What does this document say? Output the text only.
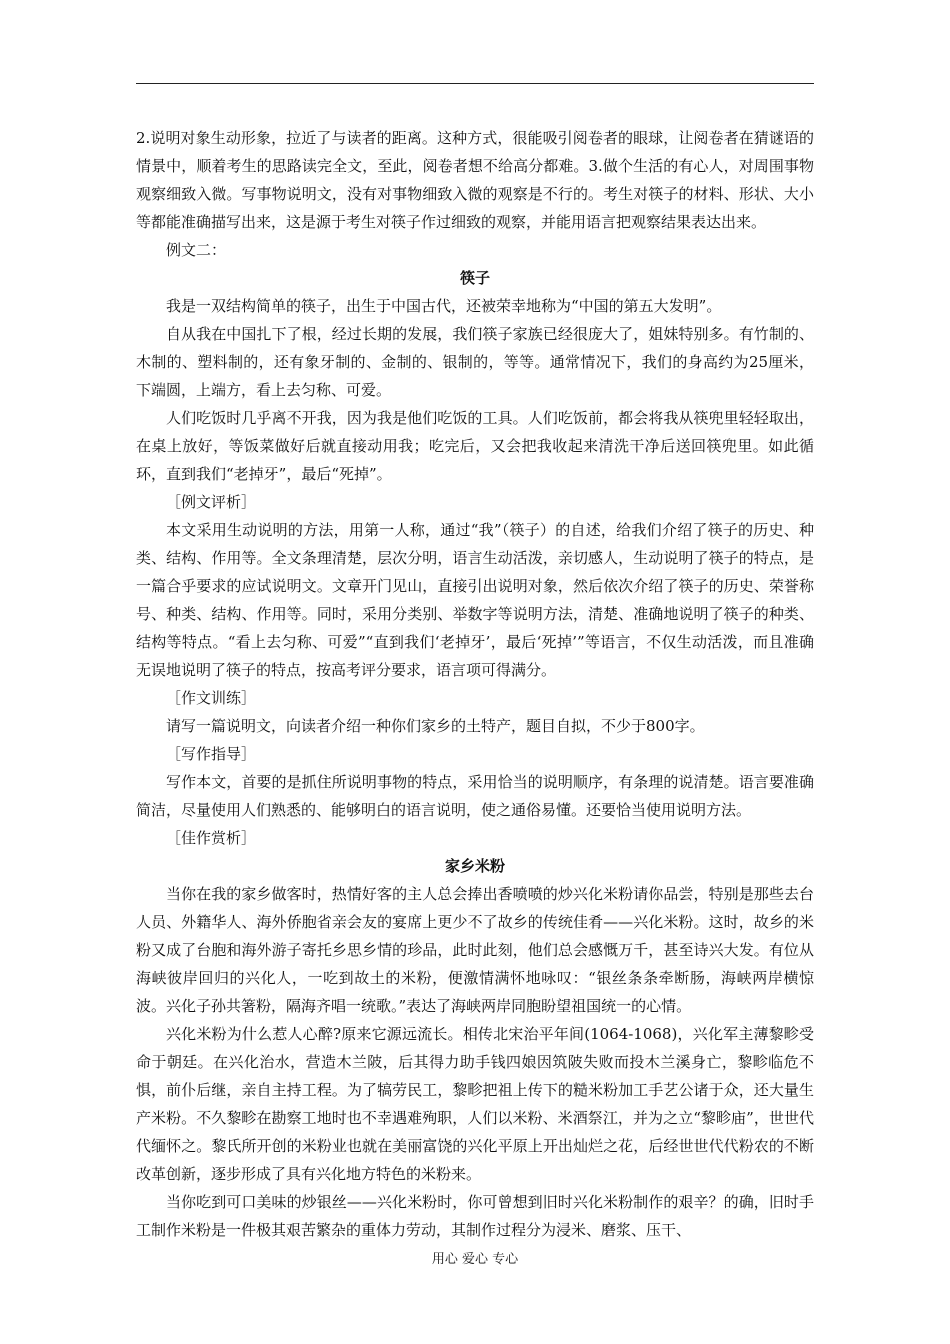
2.说明对象生动形象，拉近了与读者的距离。这种方式，很能吸引阅卷者的眼球，让阅卷者在猜谜语的情景中，顺着考生的思路读完全文，至此，阅卷者想不给高分都难。3.做个生活的有心人，对周围事物观察细致入微。写事物说明文，没有对事物细致入微的观察是不行的。考生对筷子的材料、形状、大小等都能准确描写出来，这是源于考生对筷子作过细致的观察，并能用语言把观察结果表达出来。

例文二：

筷子

我是一双结构简单的筷子，出生于中国古代，还被荣幸地称为“中国的第五大发明”。

自从我在中国扎下了根，经过长期的发展，我们筷子家族已经很庞大了，姐妹特别多。有竹制的、木制的、塑料制的，还有象牙制的、金制的、银制的，等等。通常情况下，我们的身高约为25厘米，下端圆，上端方，看上去匀称、可爱。

人们吃饭时几乎离不开我，因为我是他们吃饭的工具。人们吃饭前，都会将我从筷兜里轻轻取出，在桌上放好，等饭菜做好后就直接动用我；吃完后，又会把我收起来清洗干净后送回筷兜里。如此循环，直到我们“老掉牙”，最后“死掉”。

［例文评析］

本文采用生动说明的方法，用第一人称，通过“我”（筷子）的自述，给我们介绍了筷子的历史、种类、结构、作用等。全文条理清楚，层次分明，语言生动活泼，亲切感人，生动说明了筷子的特点，是一篇合乎要求的应试说明文。文章开门见山，直接引出说明对象，然后依次介绍了筷子的历史、荣誉称号、种类、结构、作用等。同时，采用分类别、举数字等说明方法，清楚、准确地说明了筷子的种类、结构等特点。“看上去匀称、可爱”“直到我们‘老掉牙’，最后‘死掉’”等语言，不仅生动活泼，而且准确无误地说明了筷子的特点，按高考评分要求，语言项可得满分。

［作文训练］

请写一篇说明文，向读者介绍一种你们家乡的土特产，题目自拟，不少于800字。

［写作指导］

写作本文，首要的是抓住所说明事物的特点，采用恰当的说明顺序，有条理的说清楚。语言要准确简洁，尽量使用人们熟悉的、能够明白的语言说明，使之通俗易懂。还要恰当使用说明方法。

［佳作赏析］

家乡米粉

当你在我的家乡做客时，热情好客的主人总会捧出香喷喷的炒兴化米粉请你品尝，特别是那些去台人员、外籍华人、海外侨胞省亲会友的宴席上更少不了故乡的传统佳肴——兴化米粉。这时，故乡的米粉又成了台胞和海外游子寄托乡思乡情的珍品，此时此刻，他们总会感慨万千，甚至诗兴大发。有位从海峡彼岸回归的兴化人，一吃到故土的米粉，便激情满怀地咏叹：“银丝条条牵断肠，海峡两岸横惊波。兴化子孙共箸粉，隔海齐唱一统歌。”表达了海峡两岸同胞盼望祖国统一的心情。

兴化米粉为什么惹人心醉?原来它源远流长。相传北宋治平年间(1064-1068)，兴化军主薄黎畛受命于朝廷。在兴化治水，营造木兰陂，后其得力助手钱四娘因筑陂失败而投木兰溪身亡，黎畛临危不惧，前仆后继，亲自主持工程。为了犒劳民工，黎畛把祖上传下的糙米粉加工手艺公诸于众，还大量生产米粉。不久黎畛在勘察工地时也不幸遇难殉职，人们以米粉、米酒祭江，并为之立“黎畛庙”，世世代代缅怀之。黎氏所开创的米粉业也就在美丽富饶的兴化平原上开出灿烂之花，后经世世代代粉农的不断改革创新，逐步形成了具有兴化地方特色的米粉来。

当你吃到可口美味的炒银丝——兴化米粉时，你可曾想到旧时兴化米粉制作的艰辛？的确，旧时手工制作米粉是一件极其艰苦繁杂的重体力劳动，其制作过程分为浸米、磨浆、压干、

用心 爱心 专心
